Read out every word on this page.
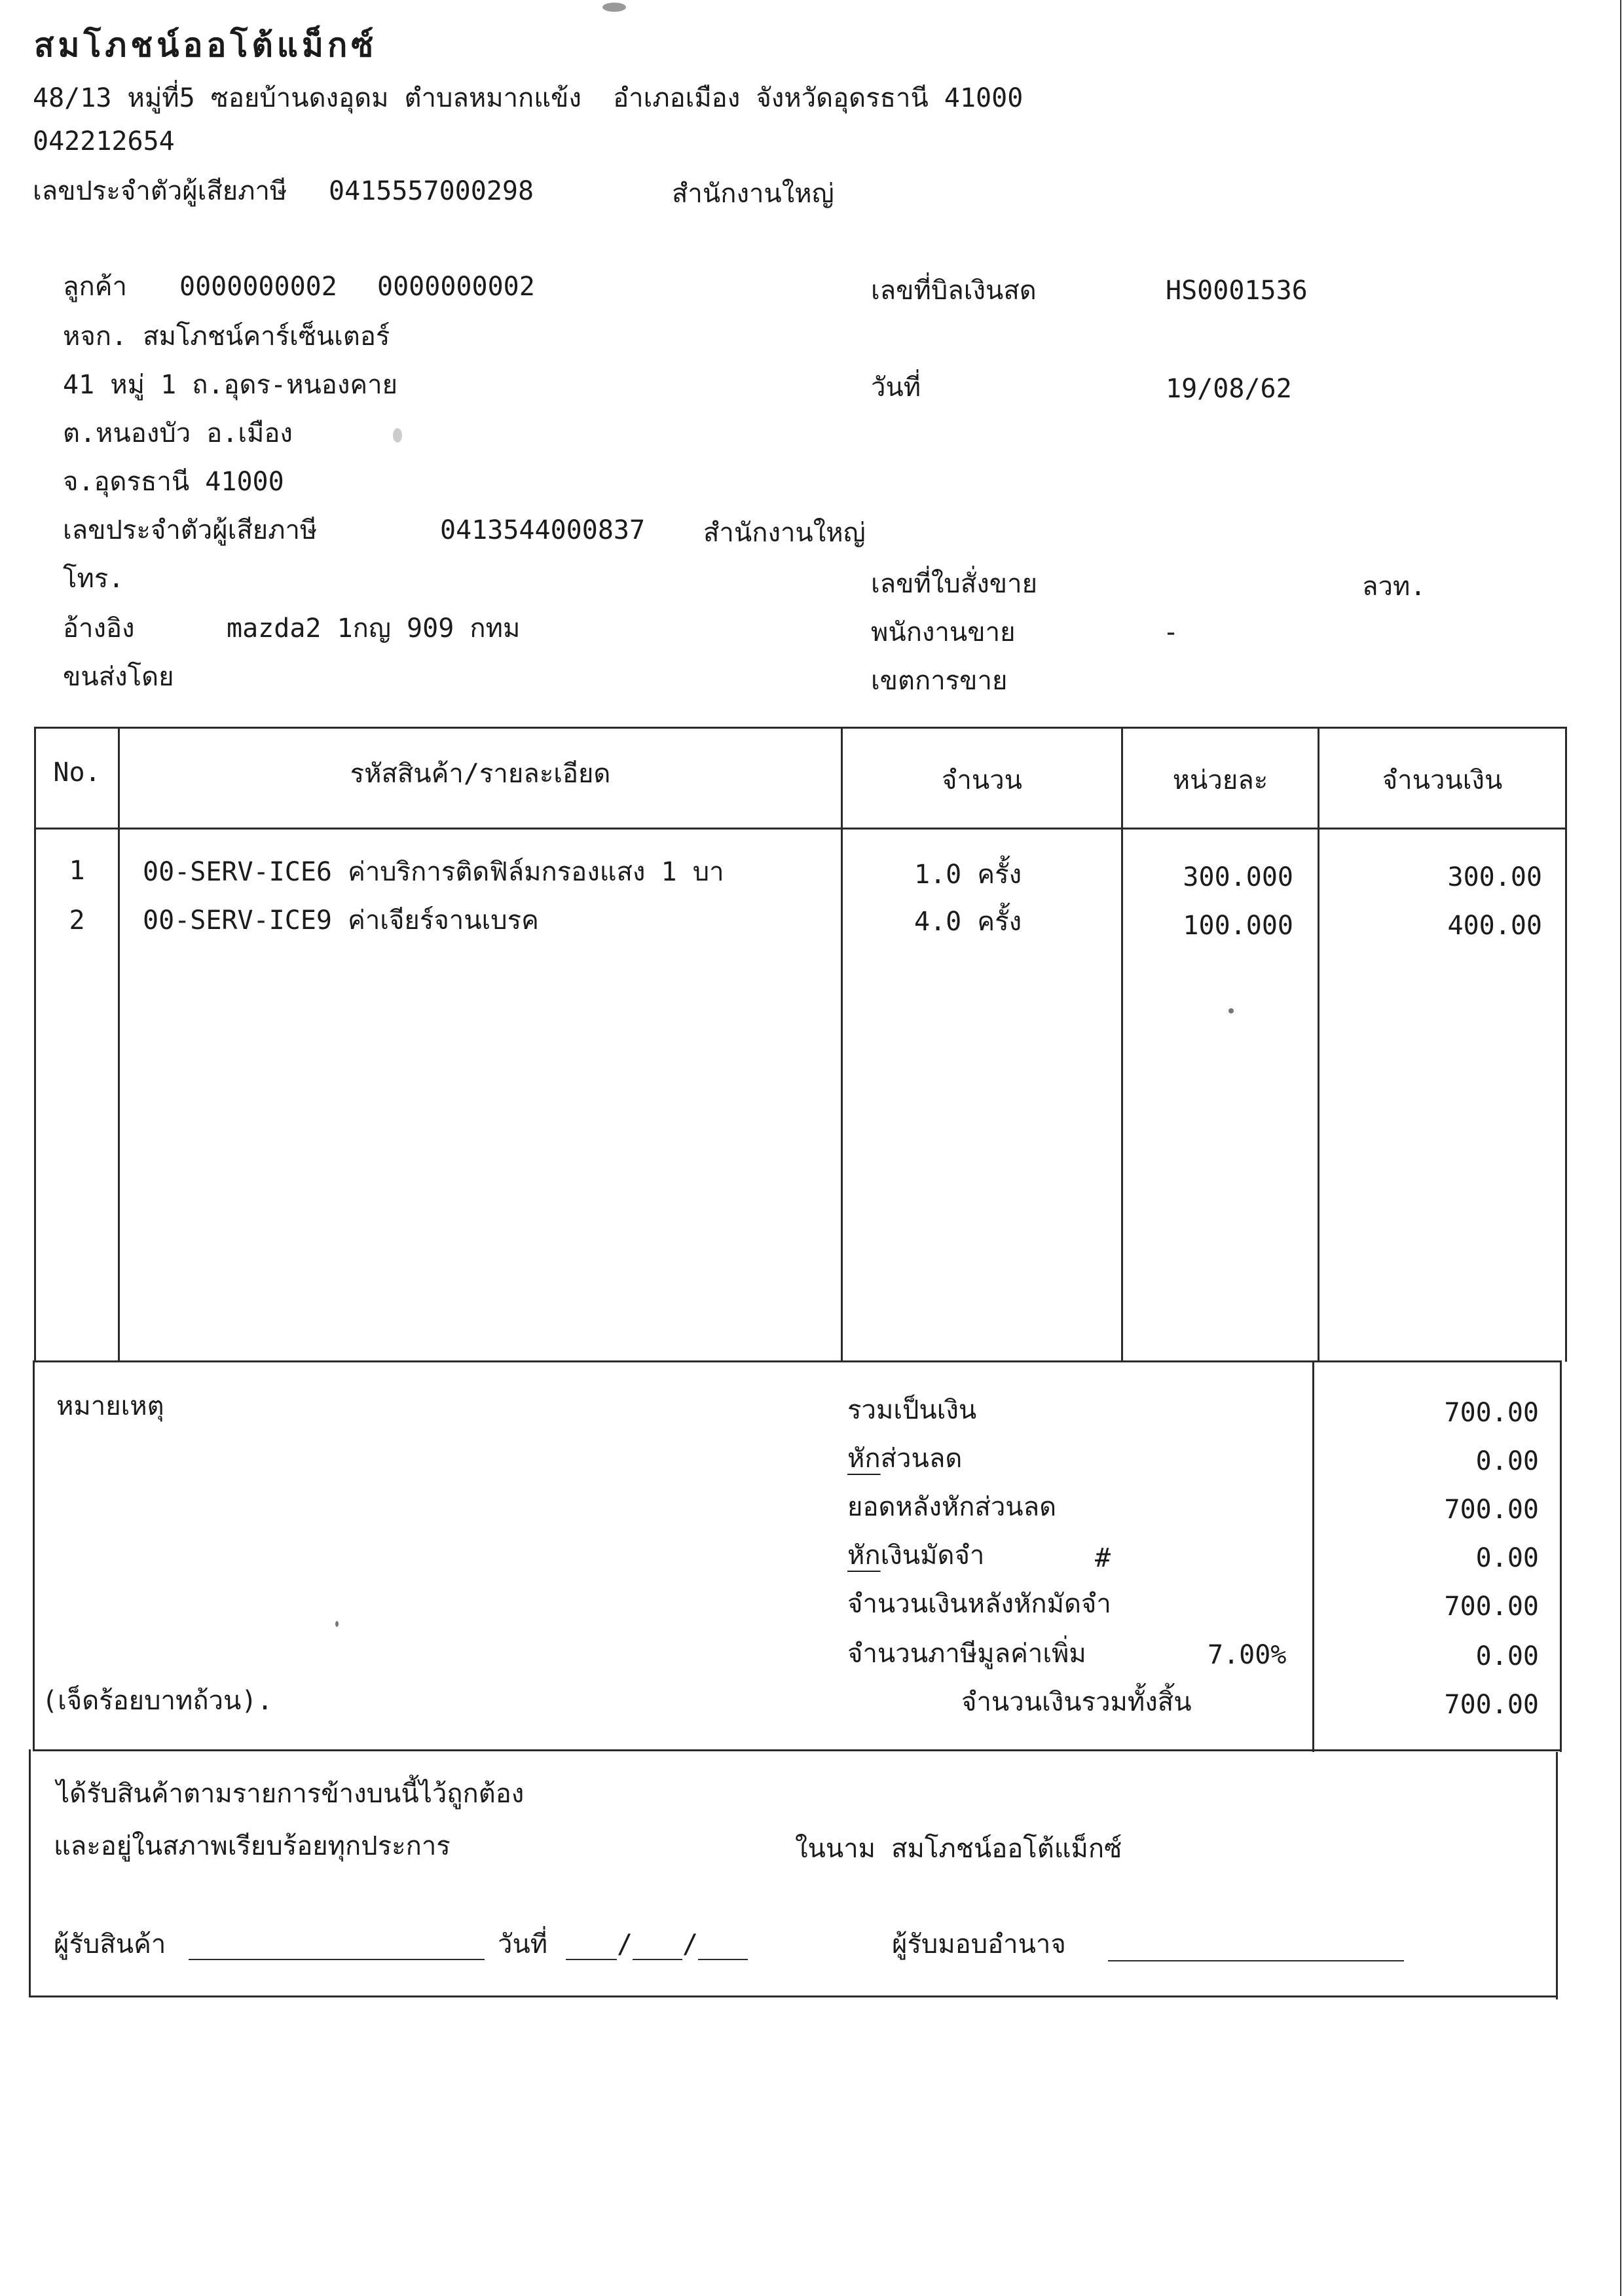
สมโภชน์ออโต้แม็กซ์
48/13 หมู่ที่5 ซอยบ้านดงอุดม ตำบลหมากแข้ง  อำเภอเมือง จังหวัดอุดรธานี 41000
042212654
เลขประจำตัวผู้เสียภาษี 0415557000298	สำนักงานใหญ่
ลูกค้า 0000000002 0000000002
หจก. สมโภชน์คาร์เซ็นเตอร์
41 หมู่ 1 ถ.อุดร-หนองคาย
ต.หนองบัว อ.เมือง
จ.อุดรธานี 41000
เลขประจำตัวผู้เสียภาษี	0413544000837 สำนักงานใหญ่
โทร.
อ้างอิง	mazda2 1กญ 909 กทม
ขนส่งโดย
เลขที่บิลเงินสด	HS0001536
วันที่	19/08/62
เลขที่ใบสั่งขาย	ลวท.
พนักงานขาย	-
เขตการขาย
No.	รหัสสินค้า/รายละเอียด	จำนวน	หน่วยละ	จำนวนเงิน
1	00-SERV-ICE6 ค่าบริการติดฟิล์มกรองแสง 1 บา	1.0 ครั้ง	300.000	300.00
2	00-SERV-ICE9 ค่าเจียร์จานเบรค	4.0 ครั้ง	100.000	400.00
หมายเหตุ
(เจ็ดร้อยบาทถ้วน).
รวมเป็นเงิน	700.00
หักส่วนลด	0.00
ยอดหลังหักส่วนลด	700.00
หักเงินมัดจำ	#	0.00
จำนวนเงินหลังหักมัดจำ	700.00
จำนวนภาษีมูลค่าเพิ่ม	7.00%	0.00
จำนวนเงินรวมทั้งสิ้น	700.00
ได้รับสินค้าตามรายการข้างบนนี้ไว้ถูกต้อง
และอยู่ในสภาพเรียบร้อยทุกประการ	ในนาม สมโภชน์ออโต้แม็กซ์
ผู้รับสินค้า	วันที่	/ /	ผู้รับมอบอำนาจ
